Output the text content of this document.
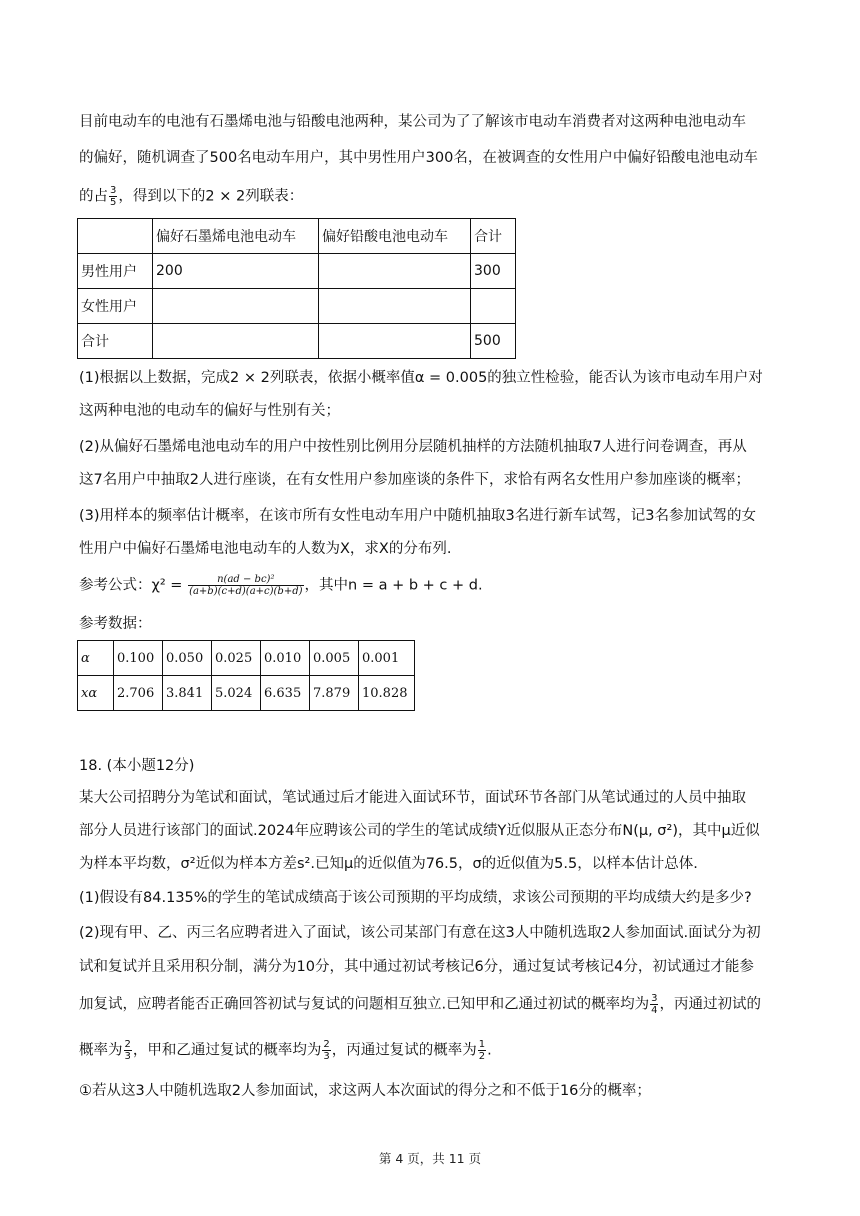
目前电动车的电池有石墨烯电池与铅酸电池两种，某公司为了了解该市电动车消费者对这两种电池电动车
的偏好，随机调查了500名电动车用户，其中男性用户300名，在被调查的女性用户中偏好铅酸电池电动车
的占 $\frac{3}{5}$ ，得到以下的2 × 2列联表：
	偏好石墨烯电池电动车	偏好铅酸电池电动车	合计
男性用户	200		300
女性用户			
合计			500
(1)根据以上数据，完成2 × 2列联表，依据小概率值α = 0.005的独立性检验，能否认为该市电动车用户对
这两种电池的电动车的偏好与性别有关；
(2)从偏好石墨烯电池电动车的用户中按性别比例用分层随机抽样的方法随机抽取7人进行问卷调查，再从
这7名用户中抽取2人进行座谈，在有女性用户参加座谈的条件下，求恰有两名女性用户参加座谈的概率；
(3)用样本的频率估计概率，在该市所有女性电动车用户中随机抽取3名进行新车试驾，记3名参加试驾的女
性用户中偏好石墨烯电池电动车的人数为X，求X的分布列.
参考公式：$\chi^2 = \frac{\text{n(ad − bc)²}}{(a+b)(c+d)(a+c)(b+d)}$ ，其中n = a + b + c + d.
参考数据：
α	0.100	0.050	0.025	0.010	0.005	0.001
xα	2.706	3.841	5.024	6.635	7.879	10.828
18. (本小题12分)
某大公司招聘分为笔试和面试，笔试通过后才能进入面试环节，面试环节各部门从笔试通过的人员中抽取
部分人员进行该部门的面试.2024年应聘该公司的学生的笔试成绩Y近似服从正态分布N(μ, σ²)，其中μ近似
为样本平均数，σ²近似为样本方差s².已知μ的近似值为76.5，σ的近似值为5.5，以样本估计总体.
(1)假设有84.135%的学生的笔试成绩高于该公司预期的平均成绩，求该公司预期的平均成绩大约是多少?
(2)现有甲、乙、丙三名应聘者进入了面试，该公司某部门有意在这3人中随机选取2人参加面试.面试分为初
试和复试并且采用积分制，满分为10分，其中通过初试考核记6分，通过复试考核记4分，初试通过才能参
加复试，应聘者能否正确回答初试与复试的问题相互独立.已知甲和乙通过初试的概率均为 $\frac{3}{4}$ ，丙通过初试的
概率为 $\frac{2}{3}$ ，甲和乙通过复试的概率均为 $\frac{2}{3}$ ，丙通过复试的概率为 $\frac{1}{2}$ .
①若从这3人中随机选取2人参加面试，求这两人本次面试的得分之和不低于16分的概率；
第 4 页，共 11 页
